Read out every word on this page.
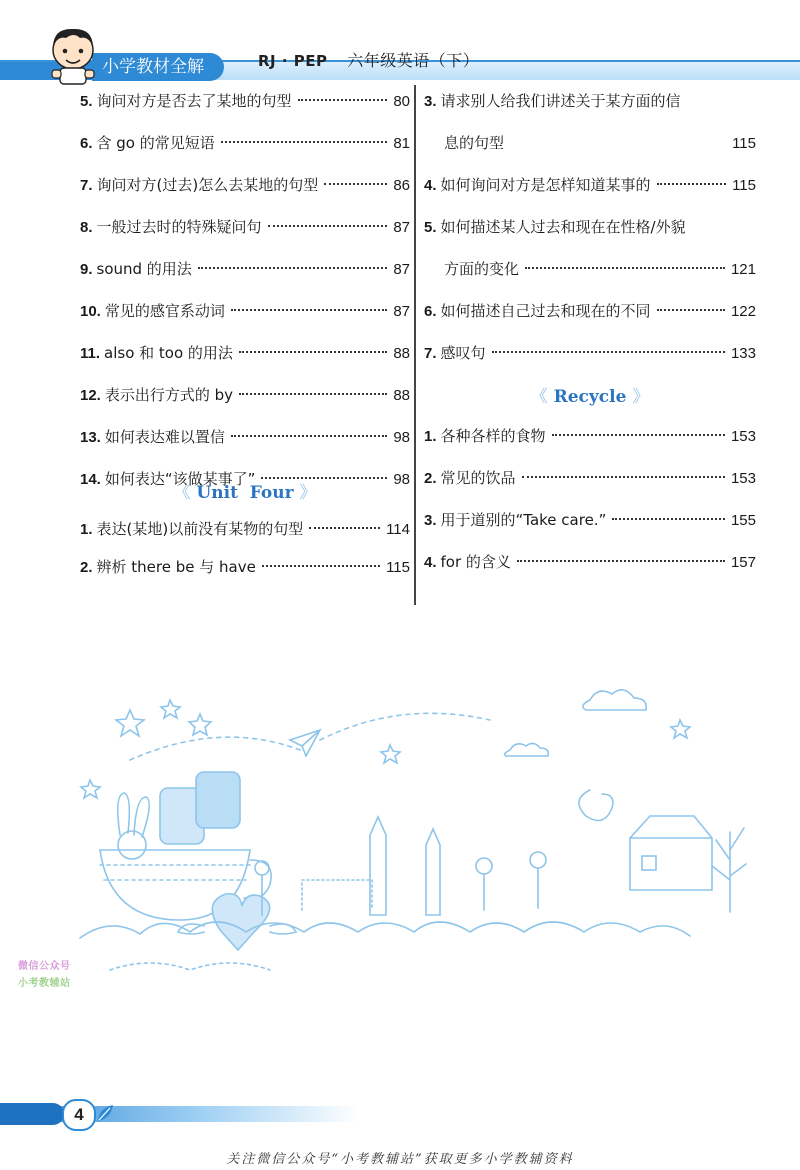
小学教材全解	RJ · PEP 六年级英语（下）
5. 询问对方是否去了某地的句型	80
6. 含 go 的常见短语	81
7. 询问对方(过去)怎么去某地的句型	86
8. 一般过去时的特殊疑问句	87
9. sound 的用法	87
10. 常见的感官系动词	87
11. also 和 too 的用法	88
12. 表示出行方式的 by	88
13. 如何表达难以置信	98
14. 如何表达“该做某事了”	98
《 Unit  Four 》
1. 表达(某地)以前没有某物的句型	114
2. 辨析 there be 与 have	115
3. 请求别人给我们讲述关于某方面的信
息的句型	115
4. 如何询问对方是怎样知道某事的	115
5. 如何描述某人过去和现在在性格/外貌
方面的变化	121
6. 如何描述自己过去和现在的不同	122
7. 感叹句	133
《 Recycle 》
1. 各种各样的食物	153
2. 常见的饮品	153
3. 用于道别的“Take care.”	155
4. for 的含义	157
微信公众号
小考教辅站
4
关注微信公众号“小考教辅站”获取更多小学教辅资料
